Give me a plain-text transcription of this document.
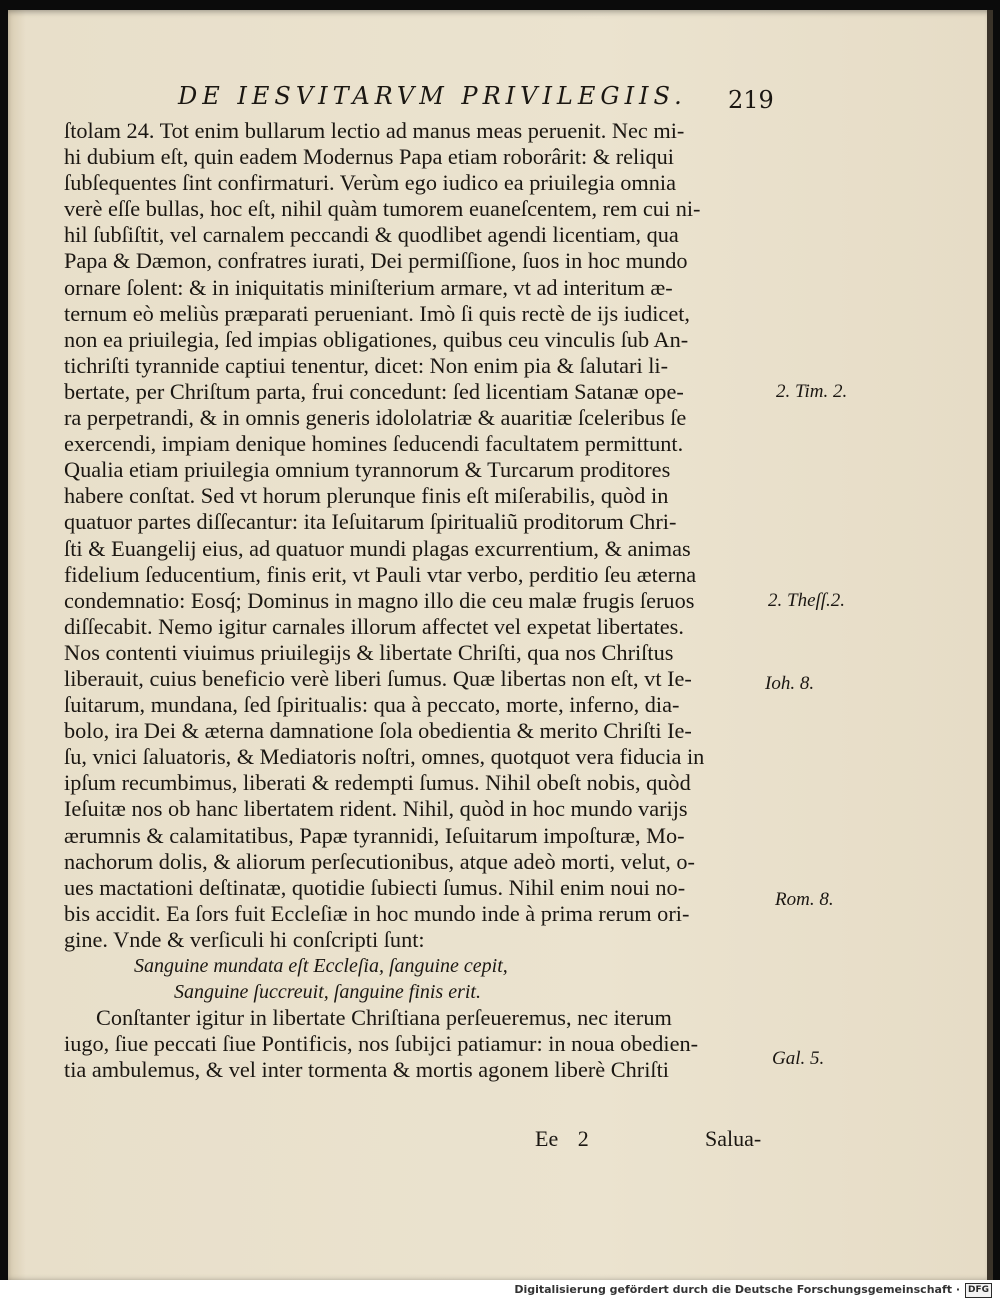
DE IESVITARVM PRIVILEGIIS. 219
ſtolam 24. Tot enim bullarum lectio ad manus meas peruenit. Nec mi-
hi dubium eſt, quin eadem Modernus Papa etiam roborârit: & reliqui
ſubſequentes ſint confirmaturi. Verùm ego iudico ea priuilegia omnia
verè eſſe bullas, hoc eſt, nihil quàm tumorem euaneſcentem, rem cui ni-
hil ſubſiſtit, vel carnalem peccandi & quodlibet agendi licentiam, qua
Papa & Dæmon, confratres iurati, Dei permiſſione, ſuos in hoc mundo
ornare ſolent: & in iniquitatis miniſterium armare, vt ad interitum æ-
ternum eò meliùs præparati perueniant. Imò ſi quis rectè de ijs iudicet,
non ea priuilegia, ſed impias obligationes, quibus ceu vinculis ſub An-
tichriſti tyrannide captiui tenentur, dicet: Non enim pia & ſalutari li-
bertate, per Chriſtum parta, frui concedunt: ſed licentiam Satanæ ope-
ra perpetrandi, & in omnis generis idololatriæ & auaritiæ ſceleribus ſe
exercendi, impiam denique homines ſeducendi facultatem permittunt.
Qualia etiam priuilegia omnium tyrannorum & Turcarum proditores
habere conſtat. Sed vt horum plerunque finis eſt miſerabilis, quòd in
quatuor partes diſſecantur: ita Ieſuitarum ſpiritualiũ proditorum Chri-
ſti & Euangelij eius, ad quatuor mundi plagas excurrentium, & animas
fidelium ſeducentium, finis erit, vt Pauli vtar verbo, perditio ſeu æterna
condemnatio: Eosq́; Dominus in magno illo die ceu malæ frugis ſeruos
diſſecabit. Nemo igitur carnales illorum affectet vel expetat libertates.
Nos contenti viuimus priuilegijs & libertate Chriſti, qua nos Chriſtus
liberauit, cuius beneficio verè liberi ſumus. Quæ libertas non eſt, vt Ie-
ſuitarum, mundana, ſed ſpiritualis: qua à peccato, morte, inferno, dia-
bolo, ira Dei & æterna damnatione ſola obedientia & merito Chriſti Ie-
ſu, vnici ſaluatoris, & Mediatoris noſtri, omnes, quotquot vera fiducia in
ipſum recumbimus, liberati & redempti ſumus. Nihil obeſt nobis, quòd
Ieſuitæ nos ob hanc libertatem rident. Nihil, quòd in hoc mundo varijs
ærumnis & calamitatibus, Papæ tyrannidi, Ieſuitarum impoſturæ, Mo-
nachorum dolis, & aliorum perſecutionibus, atque adeò morti, velut, o-
ues mactationi deſtinatæ, quotidie ſubiecti ſumus. Nihil enim noui no-
bis accidit. Ea ſors fuit Eccleſiæ in hoc mundo inde à prima rerum ori-
gine. Vnde & verſiculi hi conſcripti ſunt:
Sanguine mundata eſt Eccleſia, ſanguine cepit,
Sanguine ſuccreuit, ſanguine finis erit.
Conſtanter igitur in libertate Chriſtiana perſeueremus, nec iterum
iugo, ſiue peccati ſiue Pontificis, nos ſubijci patiamur: in noua obedien-
tia ambulemus, & vel inter tormenta & mortis agonem liberè Chriſti
2. Tim. 2.
2. Theſſ.2.
Ioh. 8.
Rom. 8.
Gal. 5.
Ee 2	Salua-
Digitalisierung gefördert durch die Deutsche Forschungsgemeinschaft · DFG
